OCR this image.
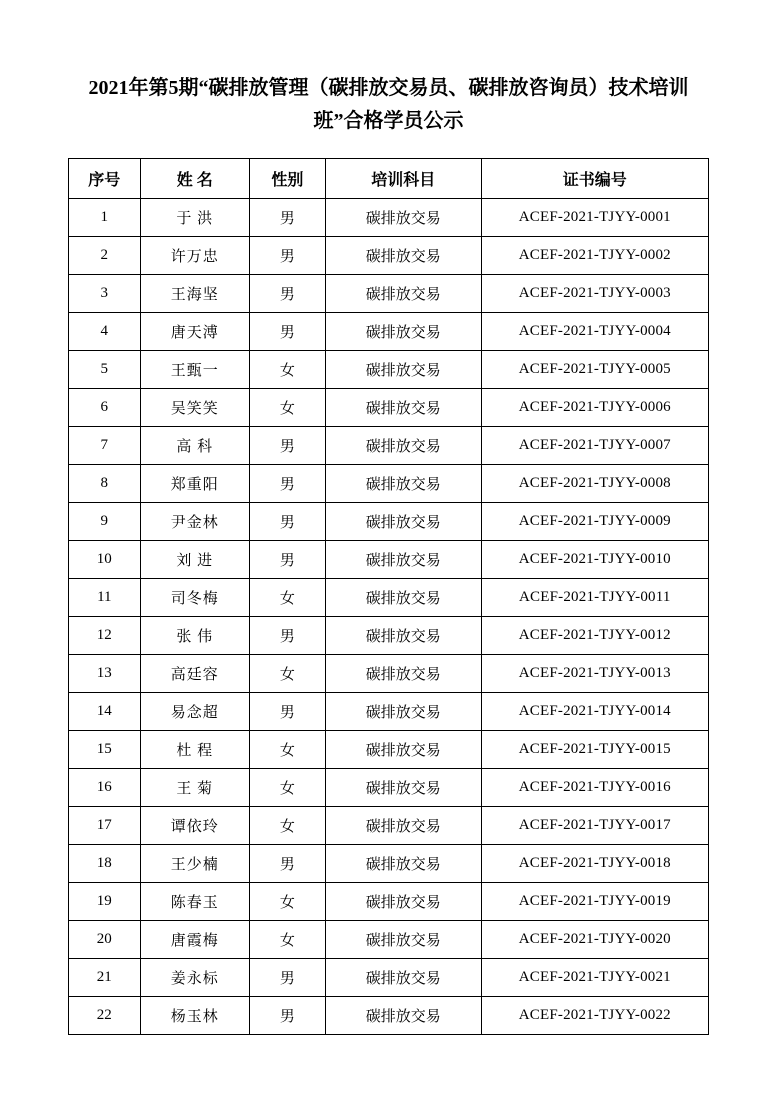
2021年第5期“碳排放管理（碳排放交易员、碳排放咨询员）技术培训班”合格学员公示
序号	姓 名	性别	培训科目	证书编号
1	于 洪	男	碳排放交易	ACEF-2021-TJYY-0001
2	许万忠	男	碳排放交易	ACEF-2021-TJYY-0002
3	王海坚	男	碳排放交易	ACEF-2021-TJYY-0003
4	唐天溥	男	碳排放交易	ACEF-2021-TJYY-0004
5	王甄一	女	碳排放交易	ACEF-2021-TJYY-0005
6	吴笑笑	女	碳排放交易	ACEF-2021-TJYY-0006
7	高 科	男	碳排放交易	ACEF-2021-TJYY-0007
8	郑重阳	男	碳排放交易	ACEF-2021-TJYY-0008
9	尹金林	男	碳排放交易	ACEF-2021-TJYY-0009
10	刘 进	男	碳排放交易	ACEF-2021-TJYY-0010
11	司冬梅	女	碳排放交易	ACEF-2021-TJYY-0011
12	张 伟	男	碳排放交易	ACEF-2021-TJYY-0012
13	高廷容	女	碳排放交易	ACEF-2021-TJYY-0013
14	易念超	男	碳排放交易	ACEF-2021-TJYY-0014
15	杜 程	女	碳排放交易	ACEF-2021-TJYY-0015
16	王 菊	女	碳排放交易	ACEF-2021-TJYY-0016
17	谭依玲	女	碳排放交易	ACEF-2021-TJYY-0017
18	王少楠	男	碳排放交易	ACEF-2021-TJYY-0018
19	陈春玉	女	碳排放交易	ACEF-2021-TJYY-0019
20	唐霞梅	女	碳排放交易	ACEF-2021-TJYY-0020
21	姜永标	男	碳排放交易	ACEF-2021-TJYY-0021
22	杨玉林	男	碳排放交易	ACEF-2021-TJYY-0022
